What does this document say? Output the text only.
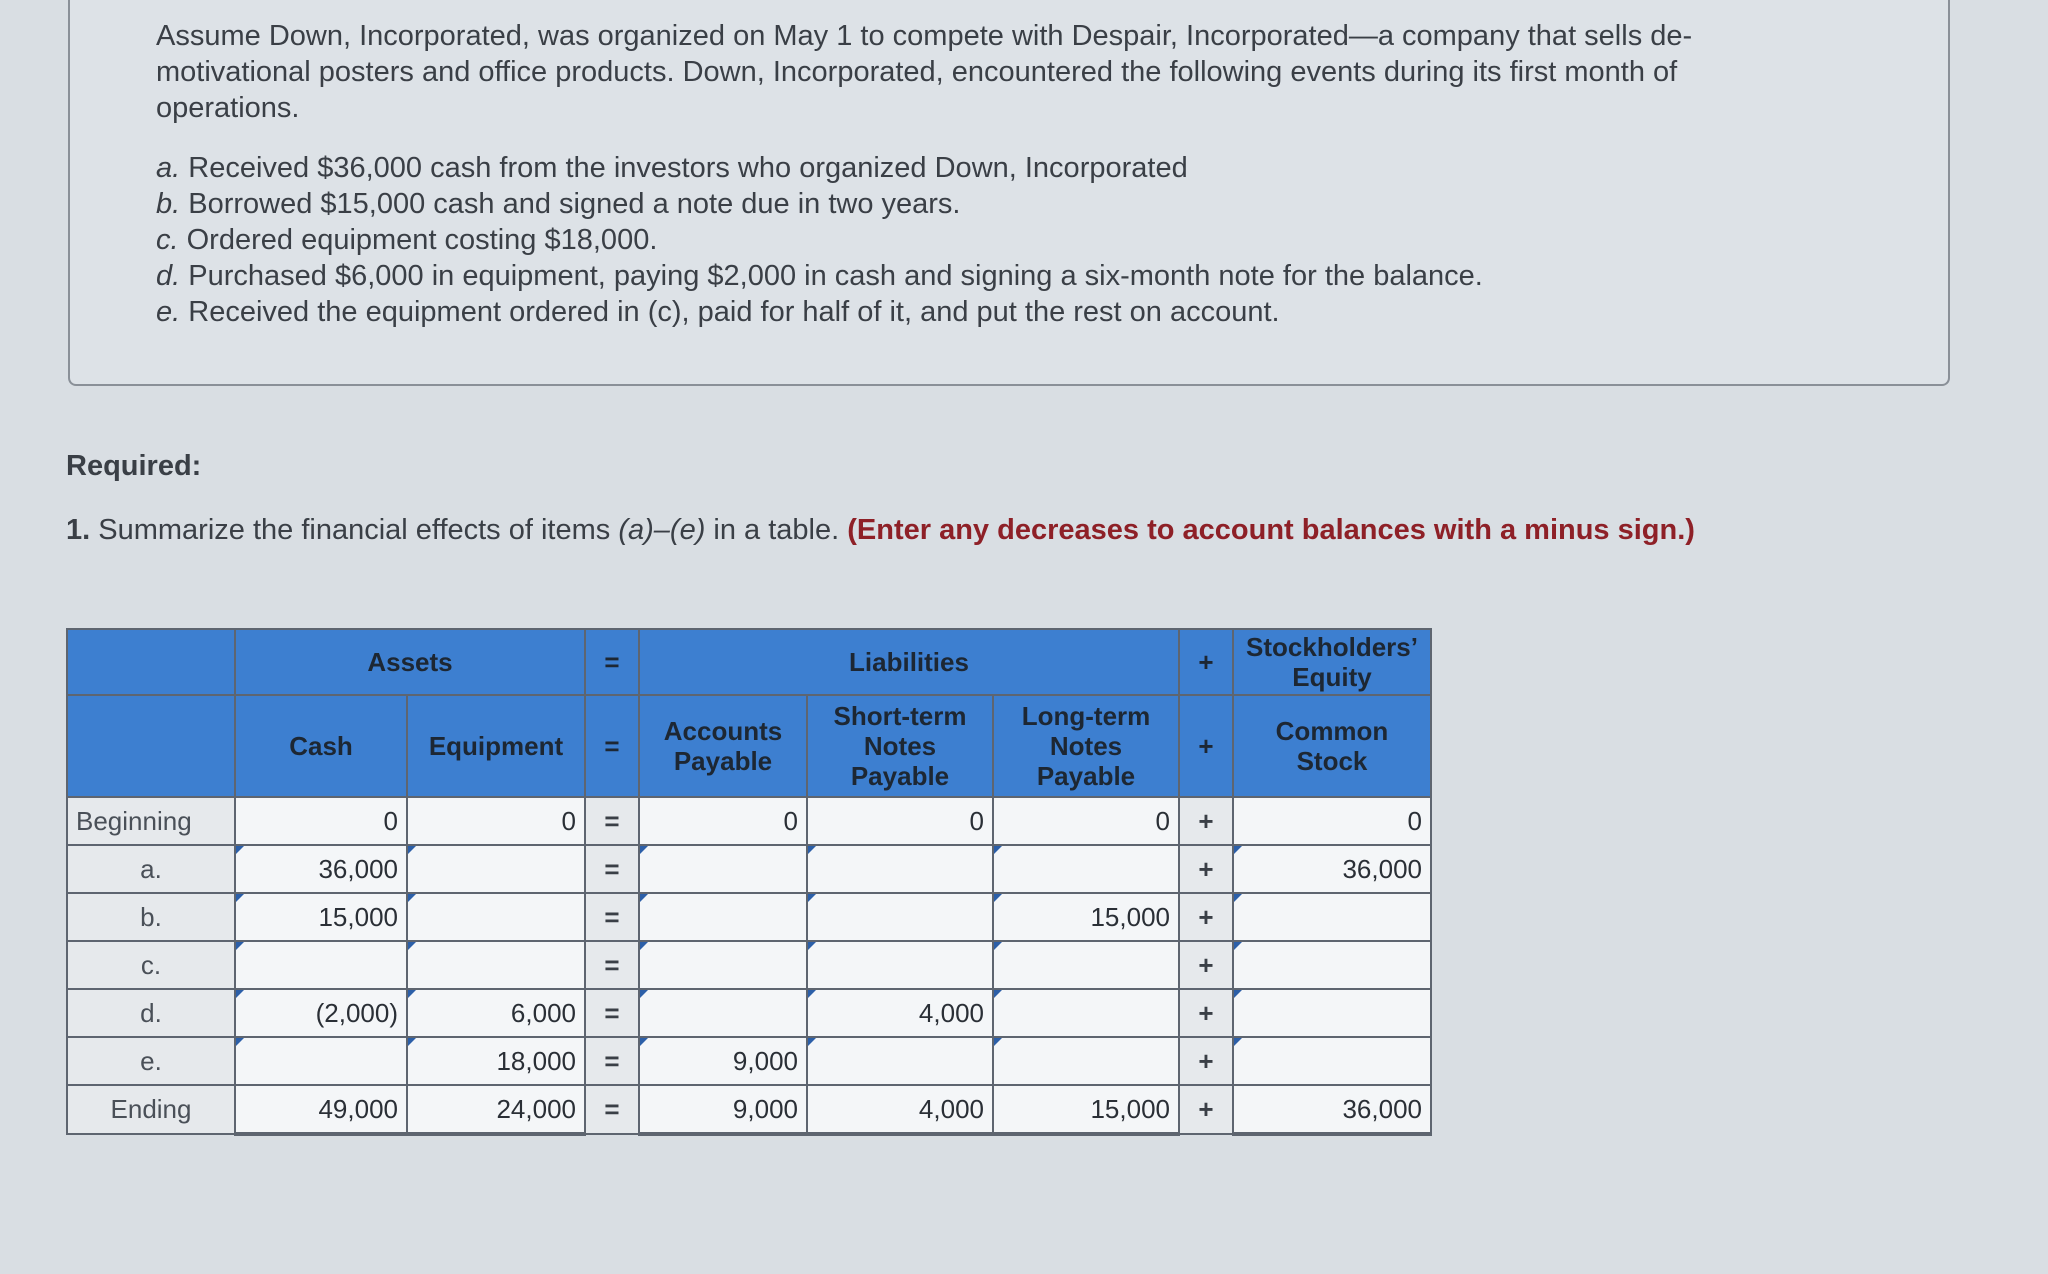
Assume Down, Incorporated, was organized on May 1 to compete with Despair, Incorporated—a company that sells de-motivational posters and office products. Down, Incorporated, encountered the following events during its first month of operations.
a. Received $36,000 cash from the investors who organized Down, Incorporated
b. Borrowed $15,000 cash and signed a note due in two years.
c. Ordered equipment costing $18,000.
d. Purchased $6,000 in equipment, paying $2,000 in cash and signing a six-month note for the balance.
e. Received the equipment ordered in (c), paid for half of it, and put the rest on account.
Required:
1. Summarize the financial effects of items (a)–(e) in a table. (Enter any decreases to account balances with a minus sign.)
	Assets		=	Liabilities			+	Stockholders’ Equity
	Cash	Equipment	=	Accounts Payable	Short-term Notes Payable	Long-term Notes Payable	+	Common Stock
Beginning	0	0	=	0	0	0	+	0
a.	36,000		=				+	36,000
b.	15,000		=			15,000	+	
c.			=				+	
d.	(2,000)	6,000	=		4,000		+	
e.		18,000	=	9,000			+	
Ending	49,000	24,000	=	9,000	4,000	15,000	+	36,000
